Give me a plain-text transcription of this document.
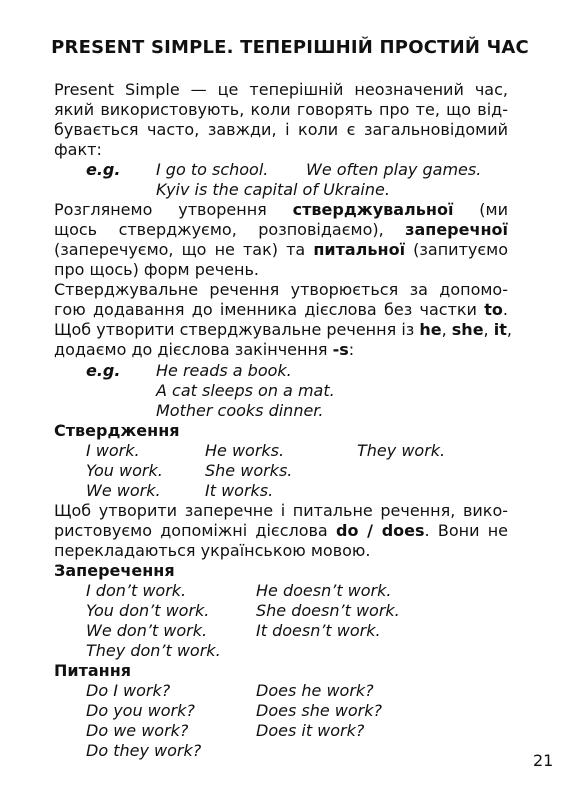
PRESENT SIMPLE. ТЕПЕРІШНІЙ ПРОСТИЙ ЧАС
Present Simple — це теперішній неозначений час,
який використовують, коли говорять про те, що від-
бувається часто, завжди, і коли є загальновідомий
факт:
e.g. I go to school. We often play games.
Kyiv is the capital of Ukraine.
Розглянемо утворення стверджувальної (ми
щось стверджуємо, розповідаємо), заперечної
(заперечуємо, що не так) та питальної (запитуємо
про щось) форм речень.
Стверджувальне речення утворюється за допомо-
гою додавання до іменника дієслова без частки to.
Щоб утворити стверджувальне речення із he, she, it,
додаємо до дієслова закінчення -s:
e.g. He reads a book.
A cat sleeps on a mat.
Mother cooks dinner.
Ствердження
I work.	He works.	They work.
You work.	She works.
We work.	It works.
Щоб утворити заперечне і питальне речення, вико-
ристовуємо допоміжні дієслова do / does. Вони не
перекладаються українською мовою.
Заперечення
I don’t work.	He doesn’t work.
You don’t work.	She doesn’t work.
We don’t work.	It doesn’t work.
They don’t work.
Питання
Do I work?	Does he work?
Do you work?	Does she work?
Do we work?	Does it work?
Do they work?
21
